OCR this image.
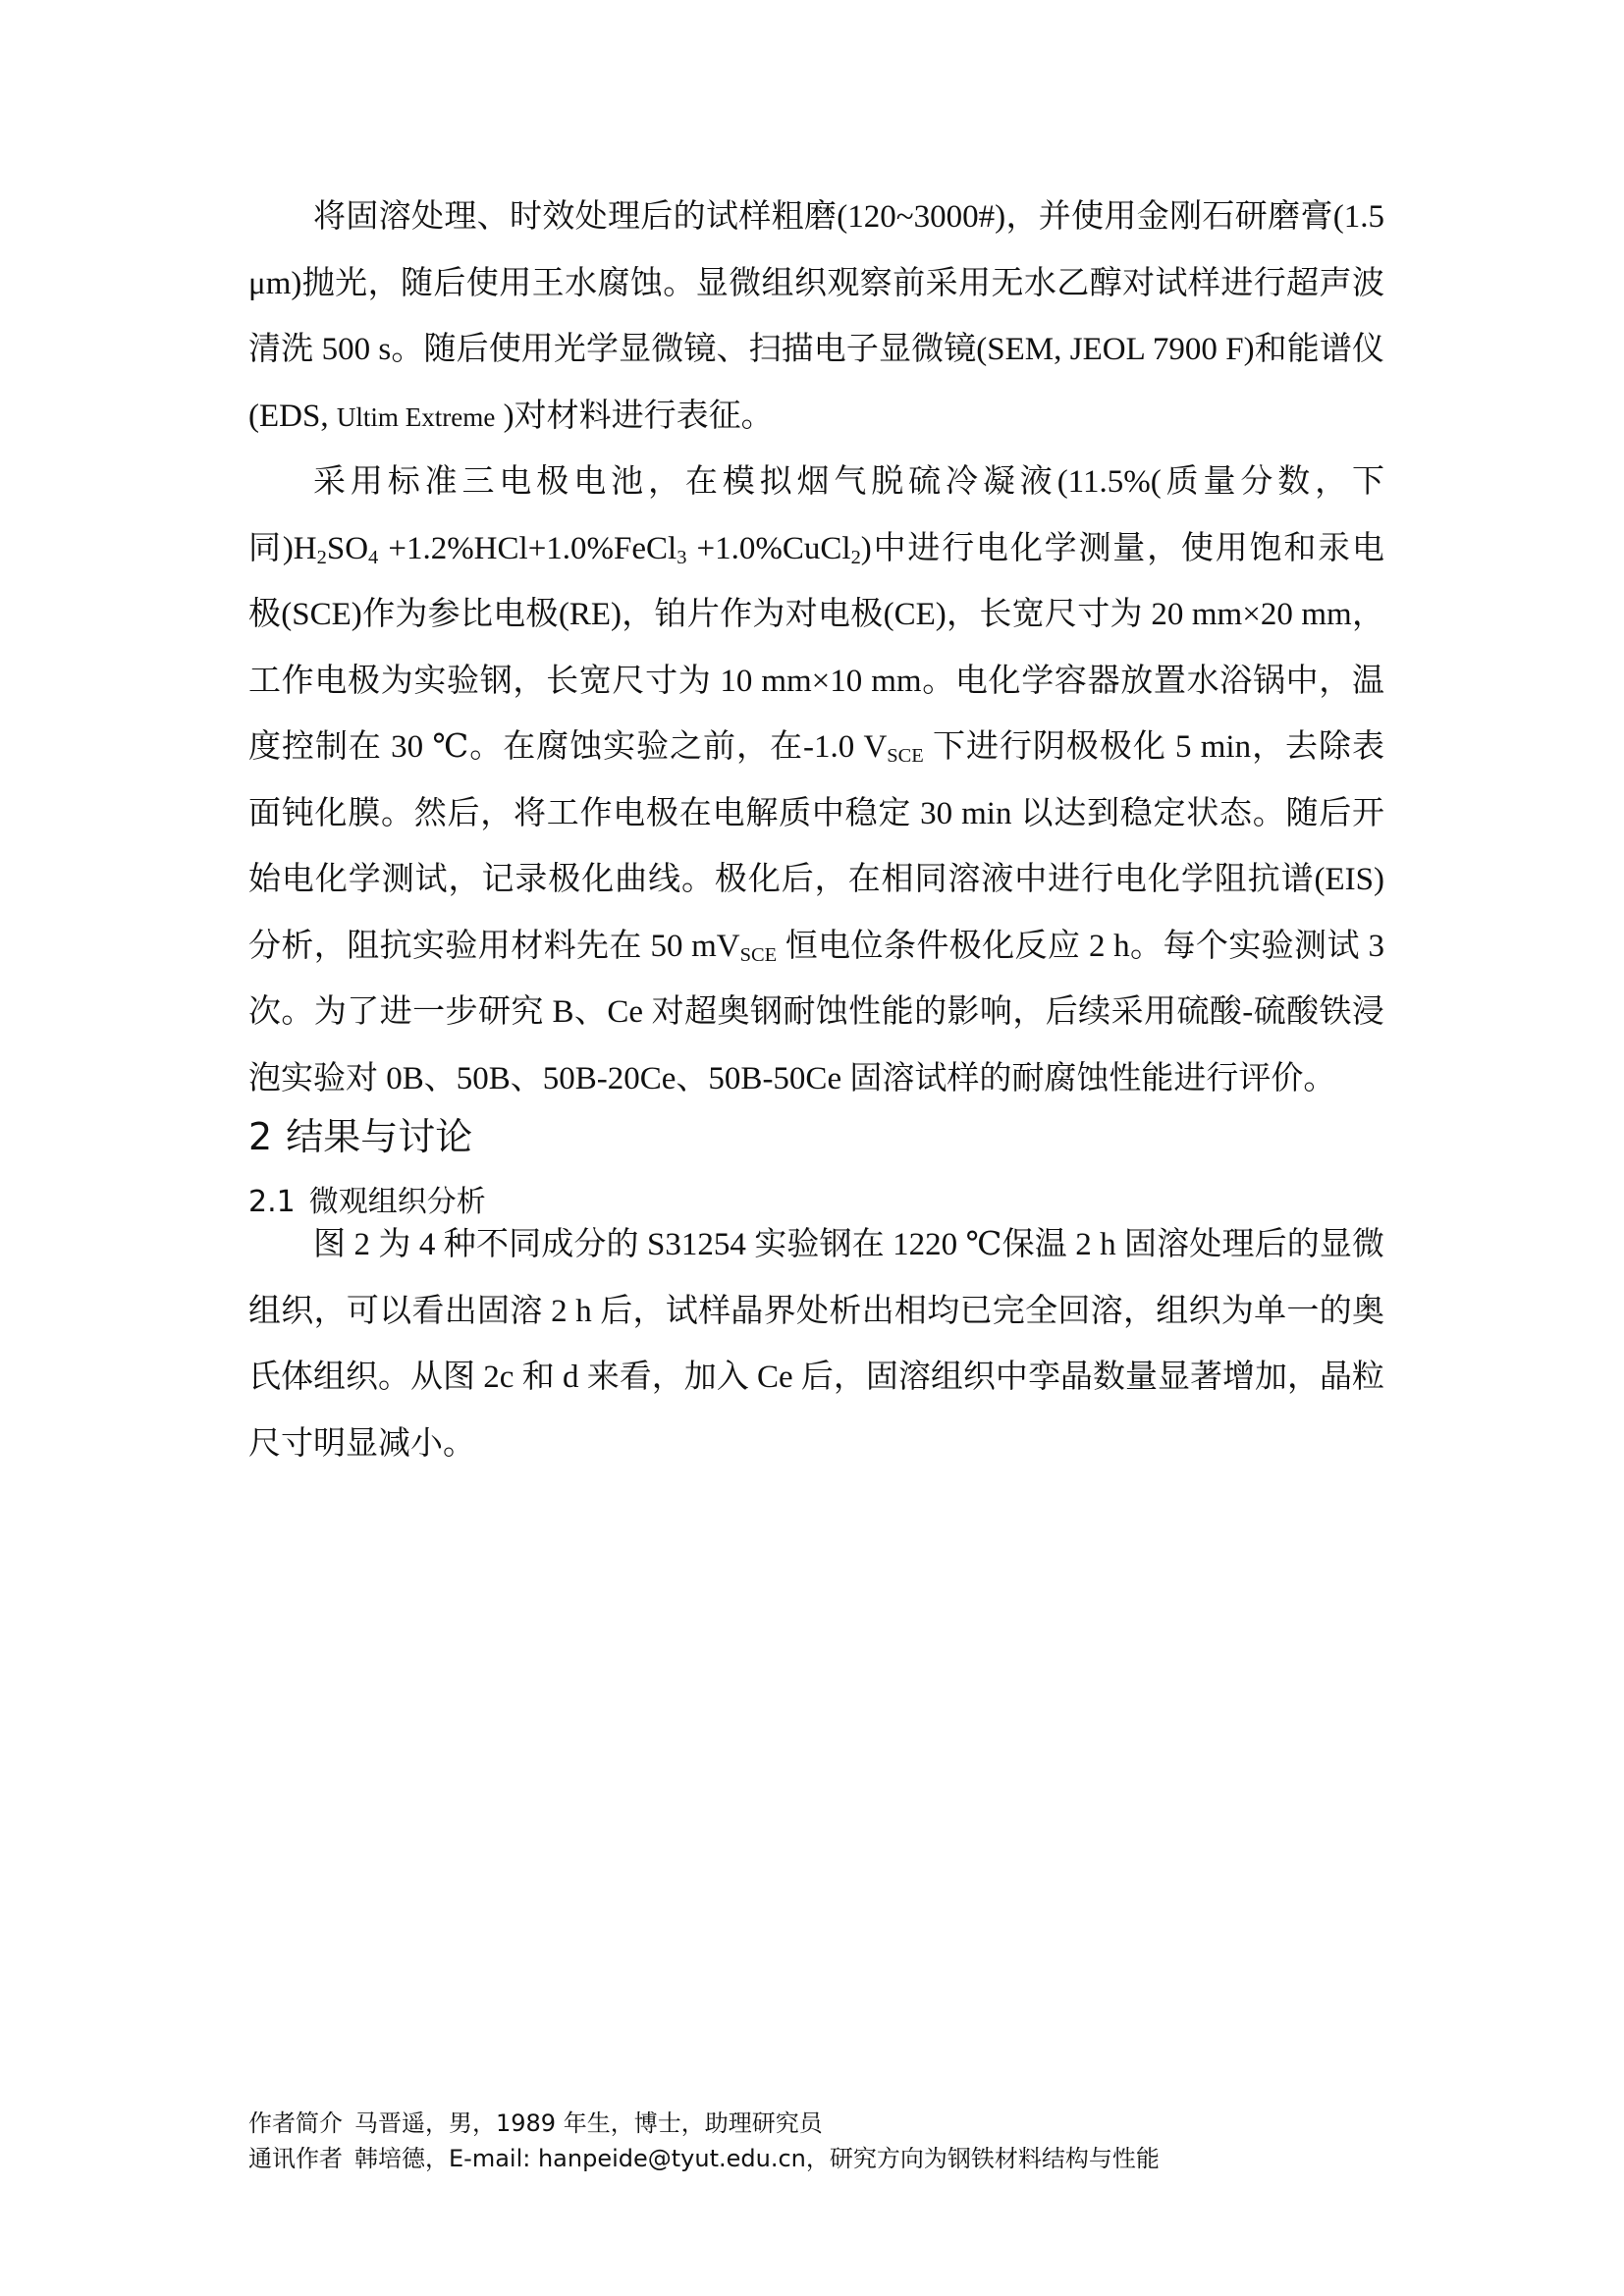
将固溶处理、时效处理后的试样粗磨(120~3000#)，并使用金刚石研磨膏(1.5 μm)抛光，随后使用王水腐蚀。显微组织观察前采用无水乙醇对试样进行超声波清洗 500 s。随后使用光学显微镜、扫描电子显微镜(SEM, JEOL 7900 F)和能谱仪(EDS, Ultim Extreme )对材料进行表征。

采用标准三电极电池，在模拟烟气脱硫冷凝液(11.5%(质量分数，下同)$H_2SO_4$ +1.2%HCl+1.0%FeCl$_3$ +1.0%CuCl$_2$)中进行电化学测量，使用饱和汞电极(SCE)作为参比电极(RE)，铂片作为对电极(CE)，长宽尺寸为 20 mm×20 mm，工作电极为实验钢，长宽尺寸为 10 mm×10 mm。电化学容器放置水浴锅中，温度控制在 30 ℃。在腐蚀实验之前，在-1.0 $V_{SCE}$ 下进行阴极极化 5 min，去除表面钝化膜。然后，将工作电极在电解质中稳定 30 min 以达到稳定状态。随后开始电化学测试，记录极化曲线。极化后，在相同溶液中进行电化学阻抗谱(EIS)分析，阻抗实验用材料先在 50 $mV_{SCE}$ 恒电位条件极化反应 2 h。每个实验测试 3 次。为了进一步研究 B、Ce 对超奥钢耐蚀性能的影响，后续采用硫酸-硫酸铁浸泡实验对 0B、50B、50B-20Ce、50B-50Ce 固溶试样的耐腐蚀性能进行评价。

2 结果与讨论
2.1 微观组织分析

图 2 为 4 种不同成分的 S31254 实验钢在 1220 ℃保温 2 h 固溶处理后的显微组织，可以看出固溶 2 h 后，试样晶界处析出相均已完全回溶，组织为单一的奥氏体组织。从图 2c 和 d 来看，加入 Ce 后，固溶组织中孪晶数量显著增加，晶粒尺寸明显减小。

作者简介 马晋遥，男，1989 年生，博士，助理研究员
通讯作者 韩培德，E-mail: hanpeide@tyut.edu.cn，研究方向为钢铁材料结构与性能
